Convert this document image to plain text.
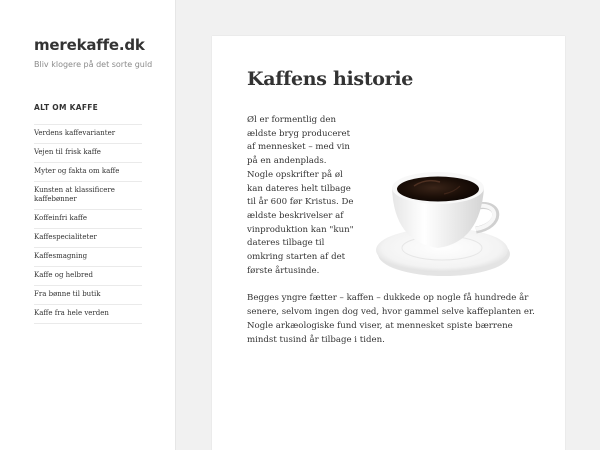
merekaffe.dk

Bliv klogere på det sorte guld

ALT OM KAFFE
Verdens kaffevarianter
Vejen til frisk kaffe
Myter og fakta om kaffe
Kunsten at klassificere kaffebønner
Koffeinfri kaffe
Kaffespecialiteter
Kaffesmagning
Kaffe og helbred
Fra bønne til butik
Kaffe fra hele verden
Kaffens historie

Øl er formentlig den ældste bryg produceret af mennesket – med vin på en andenplads. Nogle opskrifter på øl kan dateres helt tilbage til år 600 før Kristus. De ældste beskrivelser af vinproduktion kan "kun" dateres tilbage til omkring starten af det første årtusinde.

Begges yngre fætter – kaffen – dukkede op nogle få hundrede år senere, selvom ingen dog ved, hvor gammel selve kaffeplanten er. Nogle arkæologiske fund viser, at mennesket spiste bærrene mindst tusind år tilbage i tiden.
